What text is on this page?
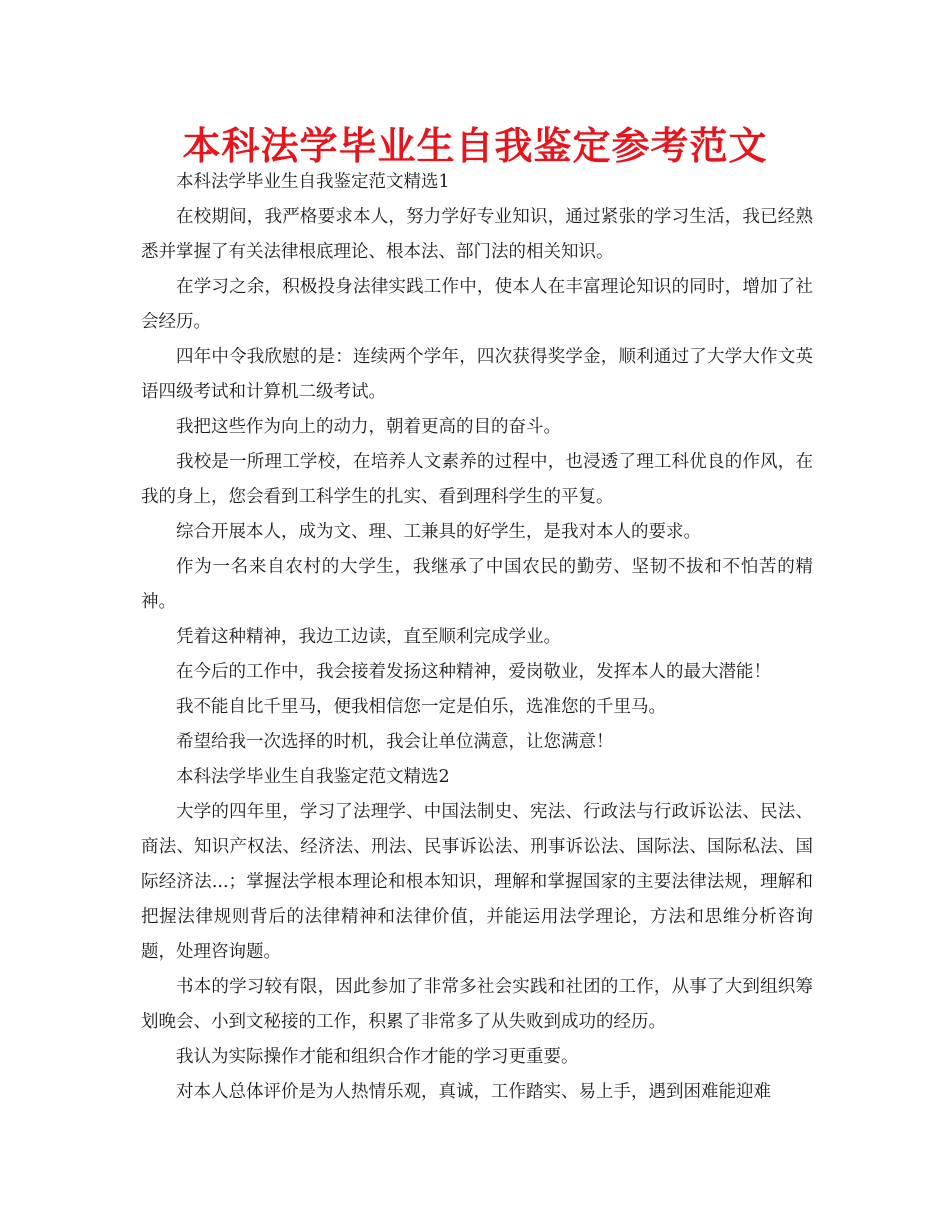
本科法学毕业生自我鉴定参考范文

本科法学毕业生自我鉴定范文精选1

在校期间，我严格要求本人，努力学好专业知识，通过紧张的学习生活，我已经熟悉并掌握了有关法律根底理论、根本法、部门法的相关知识。

在学习之余，积极投身法律实践工作中，使本人在丰富理论知识的同时，增加了社会经历。

四年中令我欣慰的是：连续两个学年，四次获得奖学金，顺利通过了大学大作文英语四级考试和计算机二级考试。

我把这些作为向上的动力，朝着更高的目的奋斗。

我校是一所理工学校，在培养人文素养的过程中，也浸透了理工科优良的作风，在我的身上，您会看到工科学生的扎实、看到理科学生的平复。

综合开展本人，成为文、理、工兼具的好学生，是我对本人的要求。

作为一名来自农村的大学生，我继承了中国农民的勤劳、坚韧不拔和不怕苦的精神。

凭着这种精神，我边工边读，直至顺利完成学业。

在今后的工作中，我会接着发扬这种精神，爱岗敬业，发挥本人的最大潜能！

我不能自比千里马，便我相信您一定是伯乐，选准您的千里马。

希望给我一次选择的时机，我会让单位满意，让您满意！

本科法学毕业生自我鉴定范文精选2

大学的四年里，学习了法理学、中国法制史、宪法、行政法与行政诉讼法、民法、商法、知识产权法、经济法、刑法、民事诉讼法、刑事诉讼法、国际法、国际私法、国际经济法...；掌握法学根本理论和根本知识，理解和掌握国家的主要法律法规，理解和把握法律规则背后的法律精神和法律价值，并能运用法学理论，方法和思维分析咨询题，处理咨询题。

书本的学习较有限，因此参加了非常多社会实践和社团的工作，从事了大到组织筹划晚会、小到文秘接的工作，积累了非常多了从失败到成功的经历。

我认为实际操作才能和组织合作才能的学习更重要。

对本人总体评价是为人热情乐观，真诚，工作踏实、易上手，遇到困难能迎难
